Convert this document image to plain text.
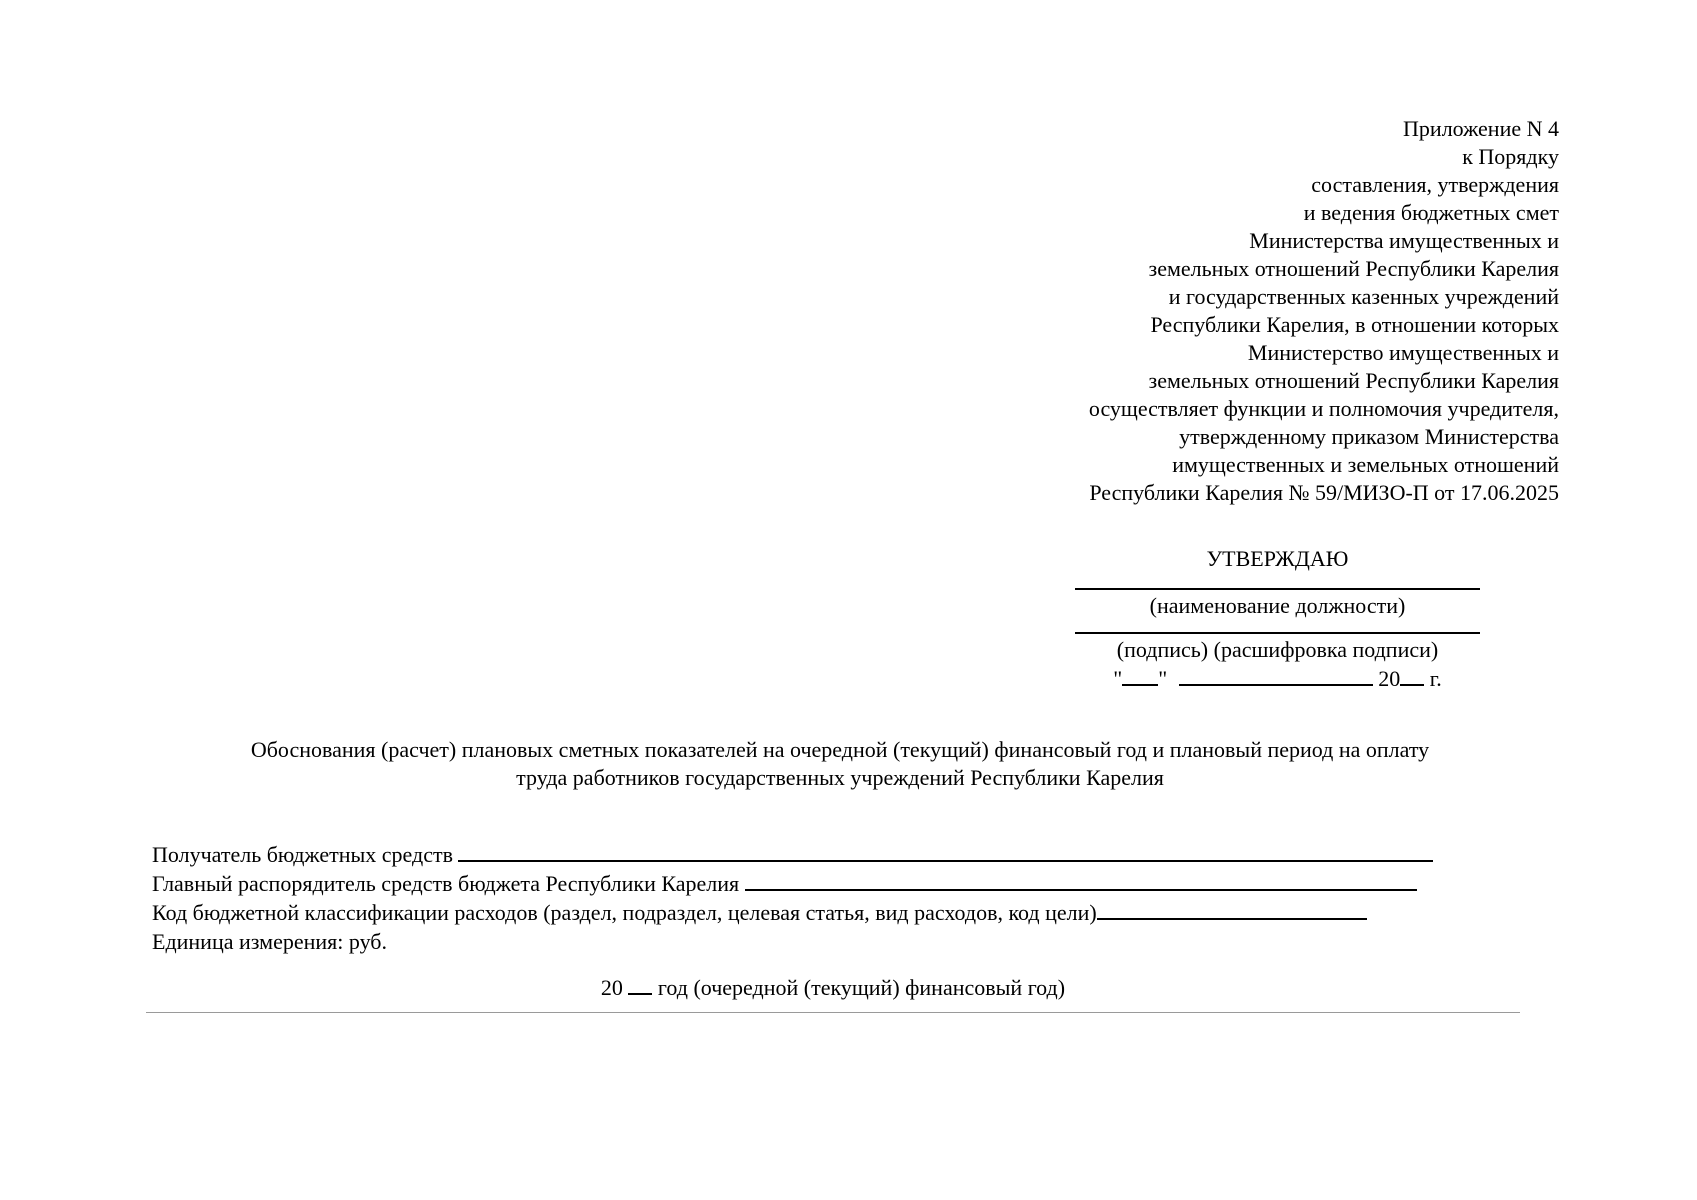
Приложение N 4
к Порядку
составления, утверждения
и ведения бюджетных смет
Министерства имущественных и
земельных отношений Республики Карелия
и государственных казенных учреждений
Республики Карелия, в отношении которых
Министерство имущественных и
земельных отношений Республики Карелия
осуществляет функции и полномочия учредителя,
утвержденному приказом Министерства
имущественных и земельных отношений
Республики Карелия № 59/МИЗО-П от 17.06.2025
УТВЕРЖДАЮ
(наименование должности)
(подпись) (расшифровка подписи)
" "	20 г.
Обоснования (расчет) плановых сметных показателей на очередной (текущий) финансовый год и плановый период на оплату
труда работников государственных учреждений Республики Карелия
Получатель бюджетных средств
Главный распорядитель средств бюджета Республики Карелия
Код бюджетной классификации расходов (раздел, подраздел, целевая статья, вид расходов, код цели)
Единица измерения: руб.
20 год (очередной (текущий) финансовый год)
